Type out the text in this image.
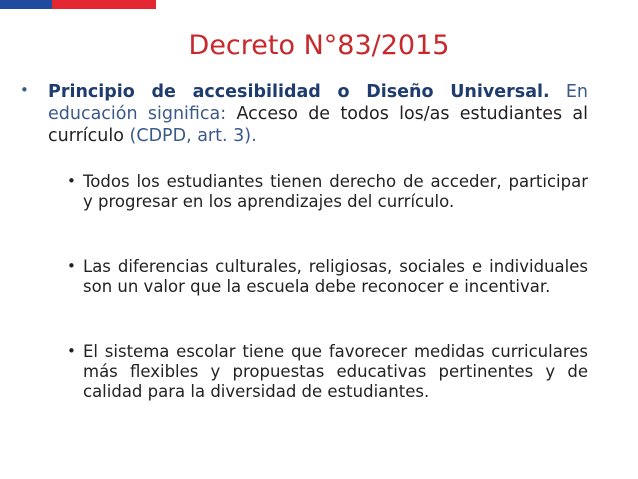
Decreto N°83/2015
• Principio de accesibilidad o Diseño Universal. En educación significa: Acceso de todos los/as estudiantes al currículo (CDPD, art. 3).

• Todos los estudiantes tienen derecho de acceder, participar y progresar en los aprendizajes del currículo.

• Las diferencias culturales, religiosas, sociales e individuales son un valor que la escuela debe reconocer e incentivar.

• El sistema escolar tiene que favorecer medidas curriculares más flexibles y propuestas educativas pertinentes y de calidad para la diversidad de estudiantes.
